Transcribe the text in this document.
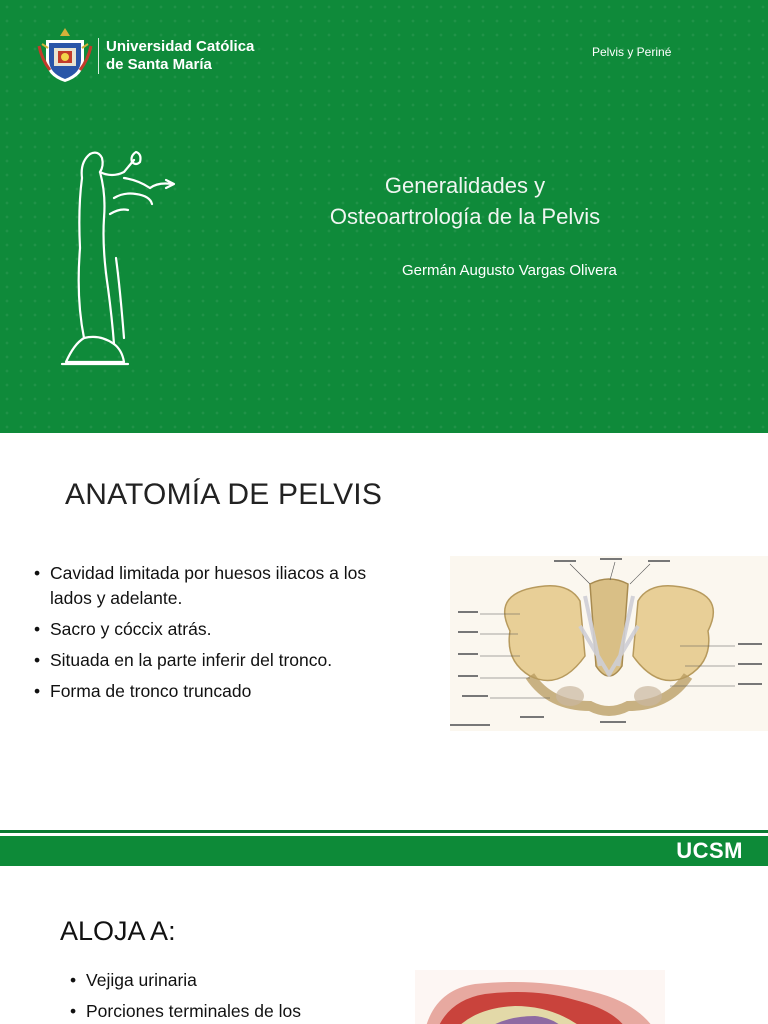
Universidad Católica
de Santa María
Pelvis y Periné
Generalidades y
Osteoartrología de la Pelvis
Germán Augusto Vargas Olivera
ANATOMÍA DE PELVIS
• Cavidad limitada por huesos iliacos a los lados y adelante.
• Sacro y cóccix atrás.
• Situada en la parte inferir del tronco.
• Forma de tronco truncado
UCSM
ALOJA A:
• Vejiga urinaria
• Porciones terminales de los
